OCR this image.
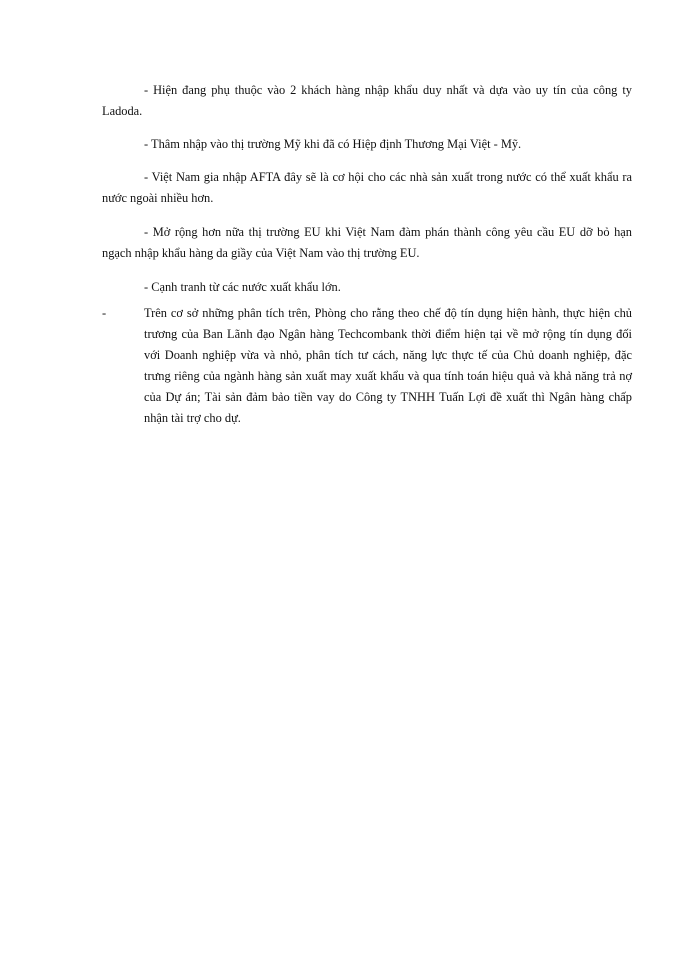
- Hiện đang phụ thuộc vào 2 khách hàng nhập khẩu duy nhất và dựa vào uy tín của công ty Ladoda.

- Thâm nhập vào thị trường Mỹ khi đã có Hiệp định Thương Mại Việt - Mỹ.

- Việt Nam gia nhập AFTA đây sẽ là cơ hội cho các nhà sản xuất trong nước có thể xuất khẩu ra nước ngoài nhiều hơn.

- Mở rộng hơn nữa thị trường EU khi Việt Nam đàm phán thành công yêu cầu EU dỡ bỏ hạn ngạch nhập khẩu hàng da giầy của Việt Nam vào thị trường EU.

- Cạnh tranh từ các nước xuất khẩu lớn.

-	Trên cơ sở những phân tích trên, Phòng cho rằng theo chế độ tín dụng hiện hành, thực hiện chủ trương của Ban Lãnh đạo Ngân hàng Techcombank thời điểm hiện tại về mở rộng tín dụng đối với Doanh nghiệp vừa và nhỏ, phân tích tư cách, năng lực thực tế của Chủ doanh nghiệp, đặc trưng riêng của ngành hàng sản xuất may xuất khẩu và qua tính toán hiệu quả và khả năng trả nợ của Dự án; Tài sản đảm bảo tiền vay do Công ty TNHH Tuấn Lợi đề xuất thì Ngân hàng chấp nhận tài trợ cho dự.
